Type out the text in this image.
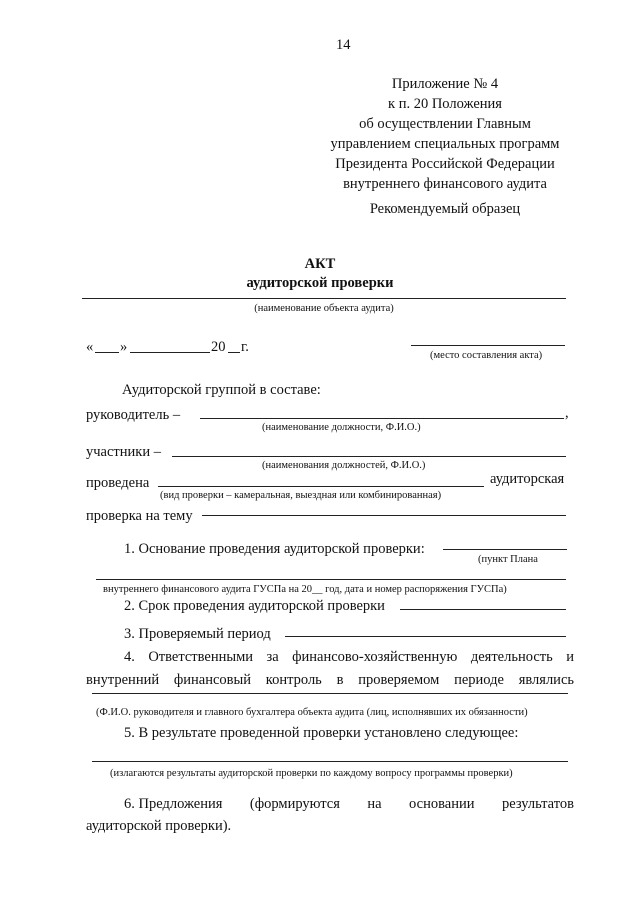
14
Приложение № 4
к п. 20 Положения
об осуществлении Главным
управлением специальных программ
Президента Российской Федерации
внутреннего финансового аудита
Рекомендуемый образец
АКТ
аудиторской проверки
(наименование объекта аудита)
« »	20 г.
(место составления акта)
Аудиторской группой в составе:
руководитель –	,
(наименование должности, Ф.И.О.)
участники –
(наименования должностей, Ф.И.О.)
проведена	аудиторская
(вид проверки – камеральная, выездная или комбинированная)
проверка на тему
1. Основание проведения аудиторской проверки:
(пункт Плана
внутреннего финансового аудита ГУСПа на 20__ год, дата и номер распоряжения ГУСПа)
2. Срок проведения аудиторской проверки
3. Проверяемый период
4. Ответственными за финансово-хозяйственную деятельность и
внутренний финансовый контроль в проверяемом периоде являлись
(Ф.И.О. руководителя и главного бухгалтера объекта аудита (лиц, исполнявших их обязанности)
5. В результате проведенной проверки установлено следующее:
(излагаются результаты аудиторской проверки по каждому вопросу программы проверки)
6. Предложения (формируются на основании результатов
аудиторской проверки).
